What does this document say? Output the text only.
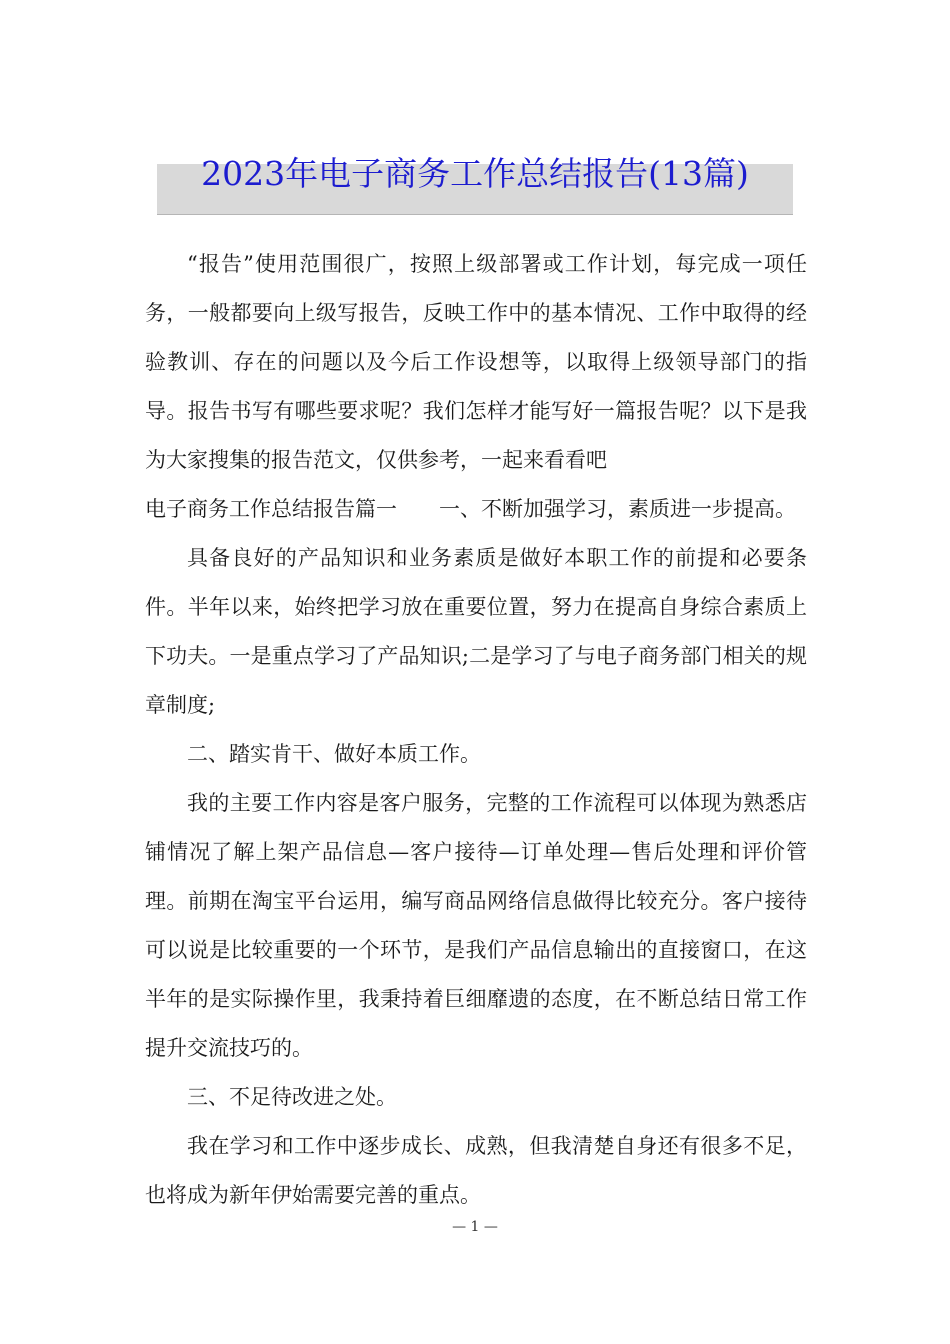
2023年电子商务工作总结报告(13篇)

“报告”使用范围很广，按照上级部署或工作计划，每完成一项任务，一般都要向上级写报告，反映工作中的基本情况、工作中取得的经验教训、存在的问题以及今后工作设想等，以取得上级领导部门的指导。报告书写有哪些要求呢？我们怎样才能写好一篇报告呢？以下是我为大家搜集的报告范文，仅供参考，一起来看看吧

电子商务工作总结报告篇一 一、不断加强学习，素质进一步提高。

具备良好的产品知识和业务素质是做好本职工作的前提和必要条件。半年以来，始终把学习放在重要位置，努力在提高自身综合素质上下功夫。一是重点学习了产品知识;二是学习了与电子商务部门相关的规章制度;

二、踏实肯干、做好本质工作。

我的主要工作内容是客户服务，完整的工作流程可以体现为熟悉店铺情况了解上架产品信息—客户接待—订单处理—售后处理和评价管理。前期在淘宝平台运用，编写商品网络信息做得比较充分。客户接待可以说是比较重要的一个环节，是我们产品信息输出的直接窗口，在这半年的是实际操作里，我秉持着巨细靡遗的态度，在不断总结日常工作提升交流技巧的。

三、不足待改进之处。

我在学习和工作中逐步成长、成熟，但我清楚自身还有很多不足，也将成为新年伊始需要完善的重点。

— 1 —
